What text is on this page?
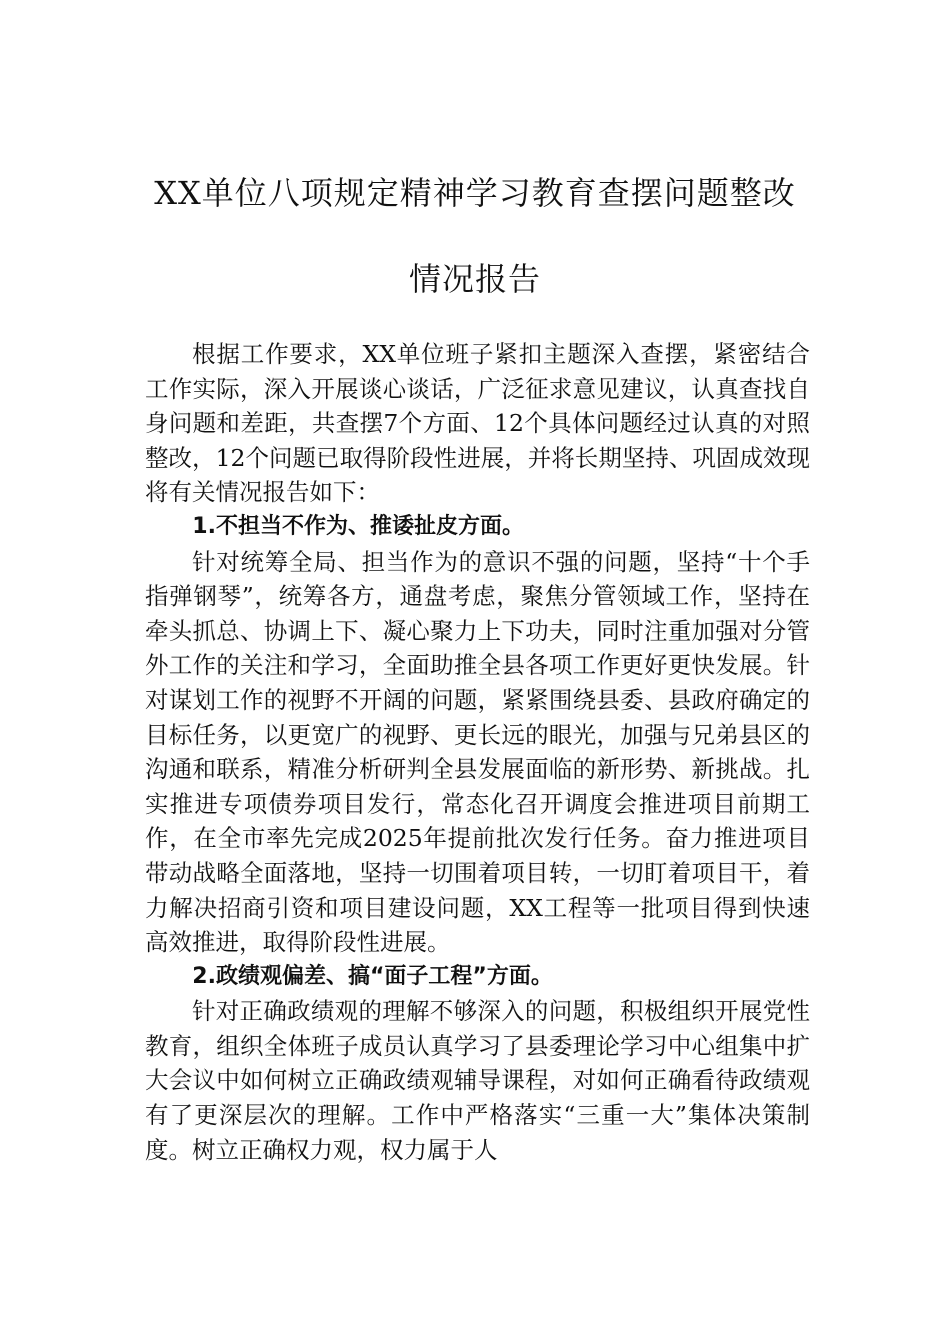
XX单位八项规定精神学习教育查摆问题整改情况报告

根据工作要求，XX单位班子紧扣主题深入查摆，紧密结合工作实际，深入开展谈心谈话，广泛征求意见建议，认真查找自身问题和差距，共查摆7个方面、12个具体问题经过认真的对照整改，12个问题已取得阶段性进展，并将长期坚持、巩固成效现将有关情况报告如下：

1.不担当不作为、推诿扯皮方面。

针对统筹全局、担当作为的意识不强的问题，坚持“十个手指弹钢琴”，统筹各方，通盘考虑，聚焦分管领域工作，坚持在牵头抓总、协调上下、凝心聚力上下功夫，同时注重加强对分管外工作的关注和学习，全面助推全县各项工作更好更快发展。针对谋划工作的视野不开阔的问题，紧紧围绕县委、县政府确定的目标任务，以更宽广的视野、更长远的眼光，加强与兄弟县区的沟通和联系，精准分析研判全县发展面临的新形势、新挑战。扎实推进专项债券项目发行，常态化召开调度会推进项目前期工作，在全市率先完成2025年提前批次发行任务。奋力推进项目带动战略全面落地，坚持一切围着项目转，一切盯着项目干，着力解决招商引资和项目建设问题，XX工程等一批项目得到快速高效推进，取得阶段性进展。

2.政绩观偏差、搞“面子工程”方面。

针对正确政绩观的理解不够深入的问题，积极组织开展党性教育，组织全体班子成员认真学习了县委理论学习中心组集中扩大会议中如何树立正确政绩观辅导课程，对如何正确看待政绩观有了更深层次的理解。工作中严格落实“三重一大”集体决策制度。树立正确权力观，权力属于人
